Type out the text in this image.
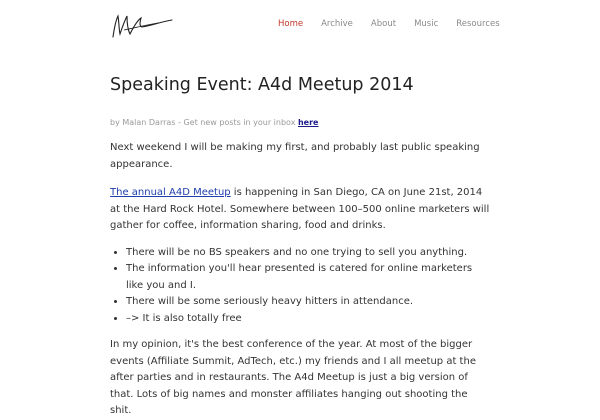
Home Archive About Music Resources
Speaking Event: A4d Meetup 2014
by Malan Darras - Get new posts in your inbox here

Next weekend I will be making my first, and probably last public speaking appearance.

The annual A4D Meetup is happening in San Diego, CA on June 21st, 2014 at the Hard Rock Hotel. Somewhere between 100–500 online marketers will gather for coffee, information sharing, food and drinks.

• There will be no BS speakers and no one trying to sell you anything.
• The information you'll hear presented is catered for online marketers like you and I.
• There will be some seriously heavy hitters in attendance.
• –> It is also totally free

In my opinion, it's the best conference of the year. At most of the bigger events (Affiliate Summit, AdTech, etc.) my friends and I all meetup at the after parties and in restaurants. The A4d Meetup is just a big version of that. Lots of big names and monster affiliates hanging out shooting the shit.
